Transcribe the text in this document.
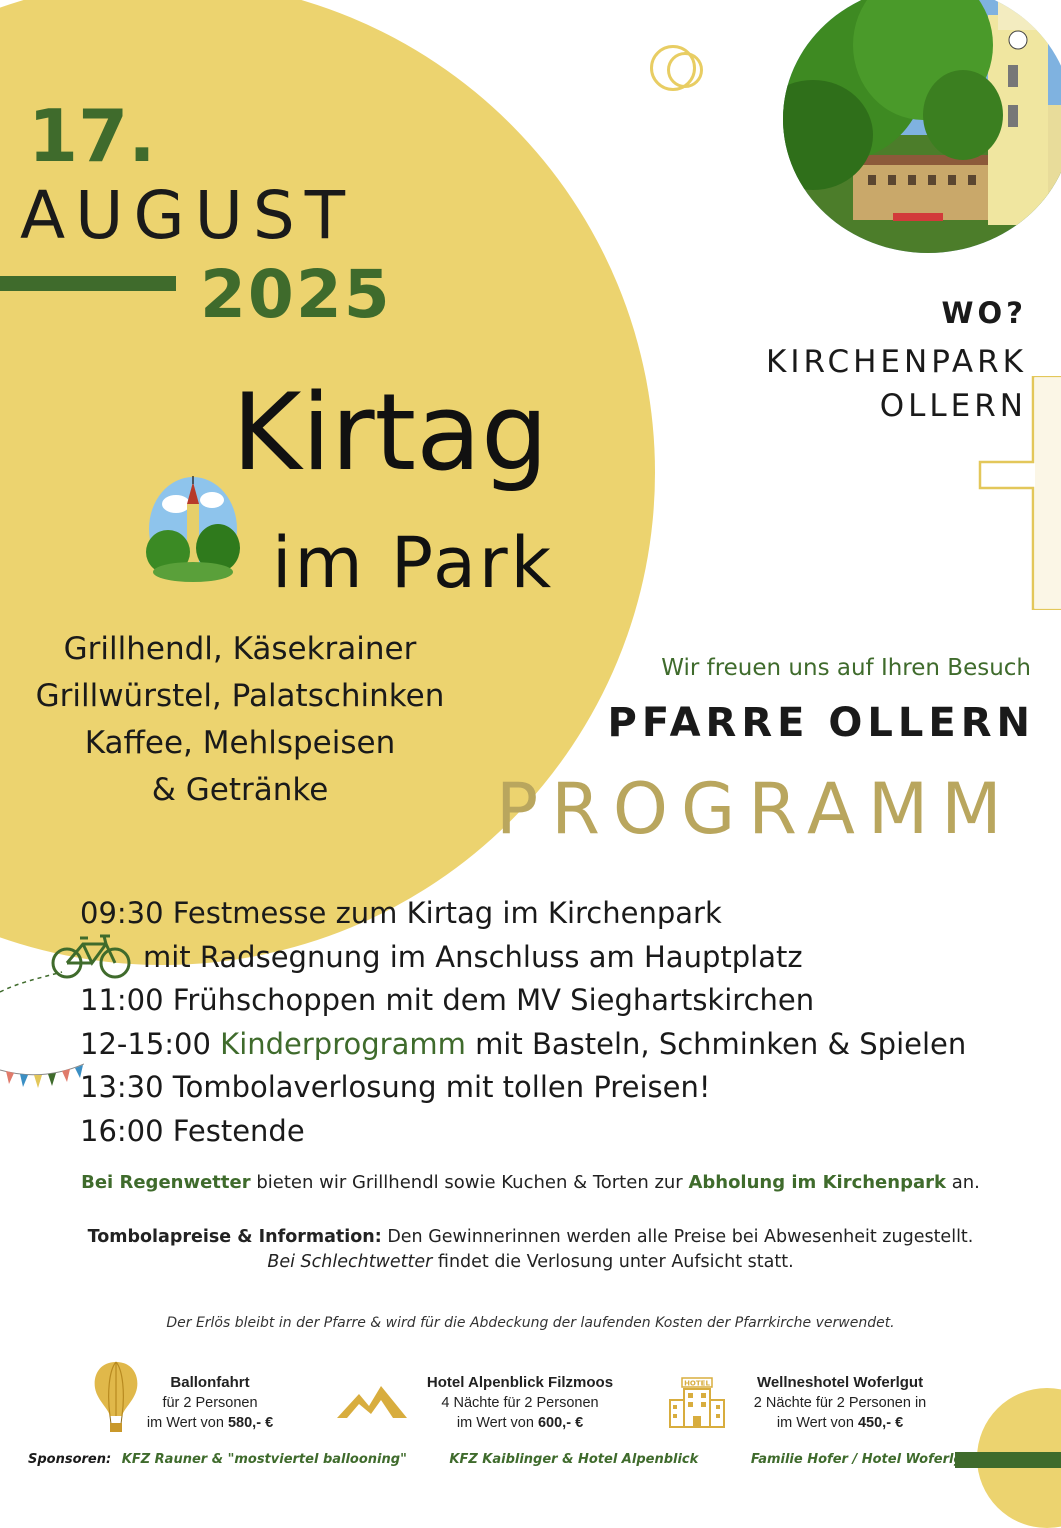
17.
AUGUST
2025
Kirtag
im Park
Grillhendl, Käsekrainer
Grillwürstel, Palatschinken
Kaffee, Mehlspeisen
& Getränke
WO?
KIRCHENPARK
OLLERN
Wir freuen uns auf Ihren Besuch
PFARRE OLLERN
PROGRAMM
09:30 Festmesse zum Kirtag im Kirchenpark
mit Radsegnung im Anschluss am Hauptplatz
11:00 Frühschoppen mit dem MV Sieghartskirchen
12-15:00 Kinderprogramm mit Basteln, Schminken & Spielen
13:30 Tombolaverlosung mit tollen Preisen!
16:00 Festende
Bei Regenwetter bieten wir Grillhendl sowie Kuchen & Torten zur Abholung im Kirchenpark an.
Tombolapreise & Information: Den Gewinnerinnen werden alle Preise bei Abwesenheit zugestellt.
Bei Schlechtwetter findet die Verlosung unter Aufsicht statt.
Der Erlös bleibt in der Pfarre & wird für die Abdeckung der laufenden Kosten der Pfarrkirche verwendet.
HOTEL
Ballonfahrt
für 2 Personen
im Wert von 580,- €
Hotel Alpenblick Filzmoos
4 Nächte für 2 Personen
im Wert von 600,- €
Wellneshotel Woferlgut
2 Nächte für 2 Personen in
im Wert von 450,- €
Sponsoren: KFZ Rauner & "mostviertel ballooning"	KFZ Kaiblinger & Hotel Alpenblick	Familie Hofer / Hotel Woferlgut
